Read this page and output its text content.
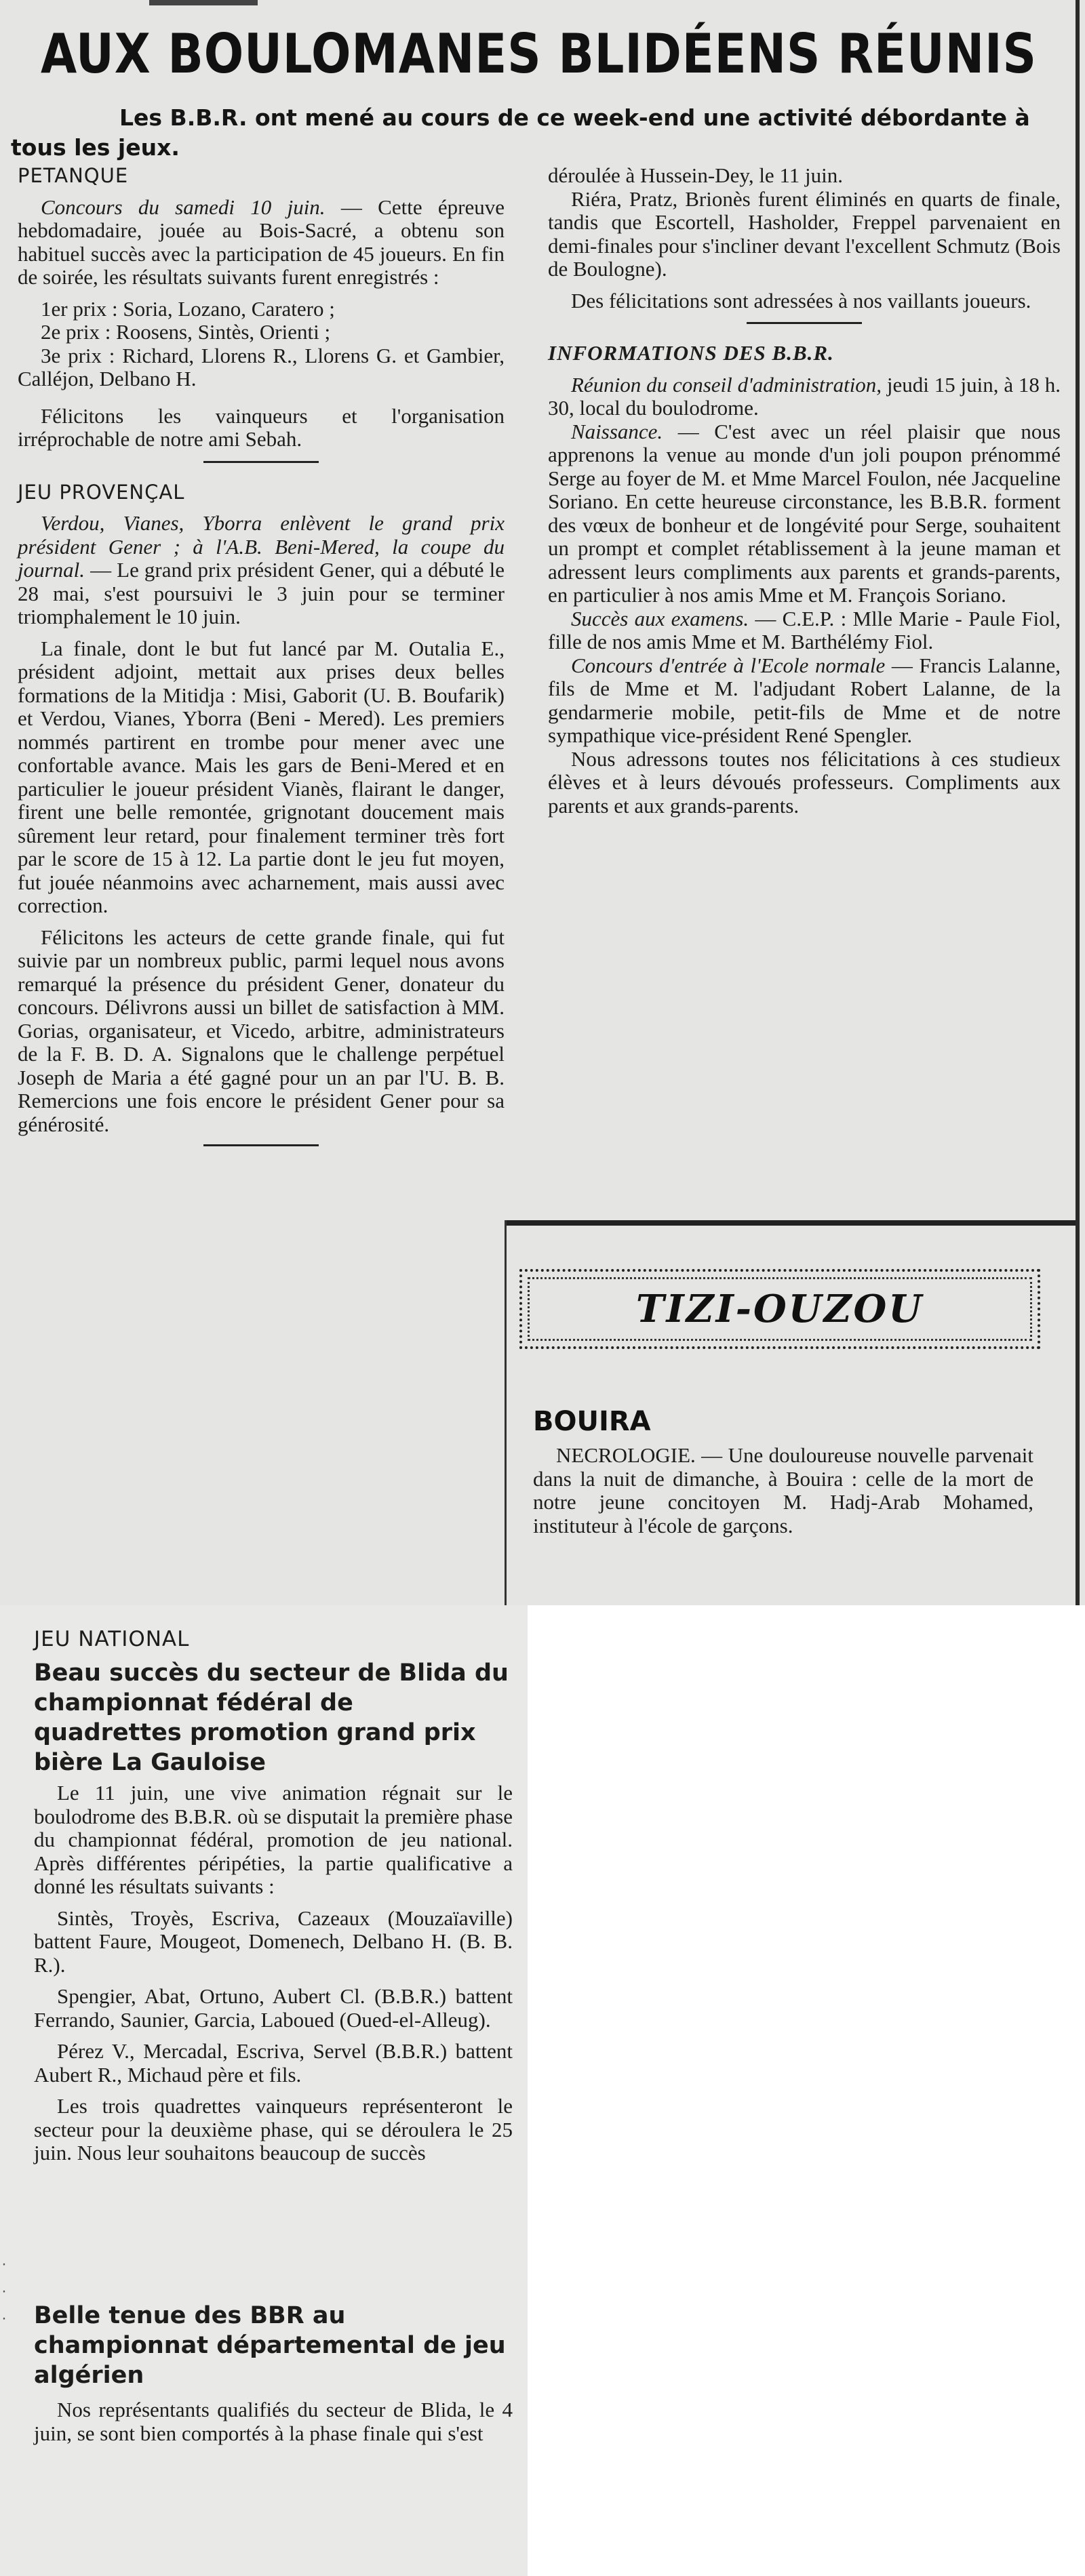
AUX BOULOMANES BLIDÉENS RÉUNIS

Les B.B.R. ont mené au cours de ce week-end une activité débordante à tous les jeux.

PETANQUE

Concours du samedi 10 juin. — Cette épreuve hebdomadaire, jouée au Bois-Sacré, a obtenu son habituel succès avec la participation de 45 joueurs. En fin de soirée, les résultats suivants furent enregistrés :

1er prix : Soria, Lozano, Caratero ;

2e prix : Roosens, Sintès, Orienti ;

3e prix : Richard, Llorens R., Llorens G. et Gambier, Calléjon, Delbano H.

Félicitons les vainqueurs et l'organisation irréprochable de notre ami Sebah.

JEU PROVENÇAL

Verdou, Vianes, Yborra enlèvent le grand prix président Gener ; à l'A.B. Beni-Mered, la coupe du journal. — Le grand prix président Gener, qui a débuté le 28 mai, s'est poursuivi le 3 juin pour se terminer triomphalement le 10 juin.

La finale, dont le but fut lancé par M. Outalia E., président adjoint, mettait aux prises deux belles formations de la Mitidja : Misi, Gaborit (U. B. Boufarik) et Verdou, Vianes, Yborra (Beni - Mered). Les premiers nommés partirent en trombe pour mener avec une confortable avance. Mais les gars de Beni-Mered et en particulier le joueur président Vianès, flairant le danger, firent une belle remontée, grignotant doucement mais sûrement leur retard, pour finalement terminer très fort par le score de 15 à 12. La partie dont le jeu fut moyen, fut jouée néanmoins avec acharnement, mais aussi avec correction.

Félicitons les acteurs de cette grande finale, qui fut suivie par un nombreux public, parmi lequel nous avons remarqué la présence du président Gener, donateur du concours. Délivrons aussi un billet de satisfaction à MM. Gorias, organisateur, et Vicedo, arbitre, administrateurs de la F. B. D. A. Signalons que le challenge perpétuel Joseph de Maria a été gagné pour un an par l'U. B. B. Remercions une fois encore le président Gener pour sa générosité.

déroulée à Hussein-Dey, le 11 juin.

Riéra, Pratz, Brionès furent éliminés en quarts de finale, tandis que Escortell, Hasholder, Freppel parvenaient en demi-finales pour s'incliner devant l'excellent Schmutz (Bois de Boulogne).

Des félicitations sont adressées à nos vaillants joueurs.

INFORMATIONS DES B.B.R.

Réunion du conseil d'administration, jeudi 15 juin, à 18 h. 30, local du boulodrome.

Naissance. — C'est avec un réel plaisir que nous apprenons la venue au monde d'un joli poupon prénommé Serge au foyer de M. et Mme Marcel Foulon, née Jacqueline Soriano. En cette heureuse circonstance, les B.B.R. forment des vœux de bonheur et de longévité pour Serge, souhaitent un prompt et complet rétablissement à la jeune maman et adressent leurs compliments aux parents et grands-parents, en particulier à nos amis Mme et M. François Soriano.

Succès aux examens. — C.E.P. : Mlle Marie - Paule Fiol, fille de nos amis Mme et M. Barthélémy Fiol.

Concours d'entrée à l'Ecole normale — Francis Lalanne, fils de Mme et M. l'adjudant Robert Lalanne, de la gendarmerie mobile, petit-fils de Mme et de notre sympathique vice-président René Spengler.

Nous adressons toutes nos félicitations à ces studieux élèves et à leurs dévoués professeurs. Compliments aux parents et aux grands-parents.

TIZI-OUZOU
BOUIRA

NECROLOGIE. — Une douloureuse nouvelle parvenait dans la nuit de dimanche, à Bouira : celle de la mort de notre jeune concitoyen M. Hadj-Arab Mohamed, instituteur à l'école de garçons.

JEU NATIONAL

Beau succès du secteur de Blida du championnat fédéral de quadrettes promotion grand prix bière La Gauloise

Le 11 juin, une vive animation régnait sur le boulodrome des B.B.R. où se disputait la première phase du championnat fédéral, promotion de jeu national. Après différentes péripéties, la partie qualificative a donné les résultats suivants :

Sintès, Troyès, Escriva, Cazeaux (Mouzaïaville) battent Faure, Mougeot, Domenech, Delbano H. (B. B. R.).

Spengier, Abat, Ortuno, Aubert Cl. (B.B.R.) battent Ferrando, Saunier, Garcia, Laboued (Oued-el-Alleug).

Pérez V., Mercadal, Escriva, Servel (B.B.R.) battent Aubert R., Michaud père et fils.

Les trois quadrettes vainqueurs représenteront le secteur pour la deuxième phase, qui se déroulera le 25 juin. Nous leur souhaitons beaucoup de succès

Belle tenue des BBR au championnat départemental de jeu algérien

Nos représentants qualifiés du secteur de Blida, le 4 juin, se sont bien comportés à la phase finale qui s'est

· · ·
